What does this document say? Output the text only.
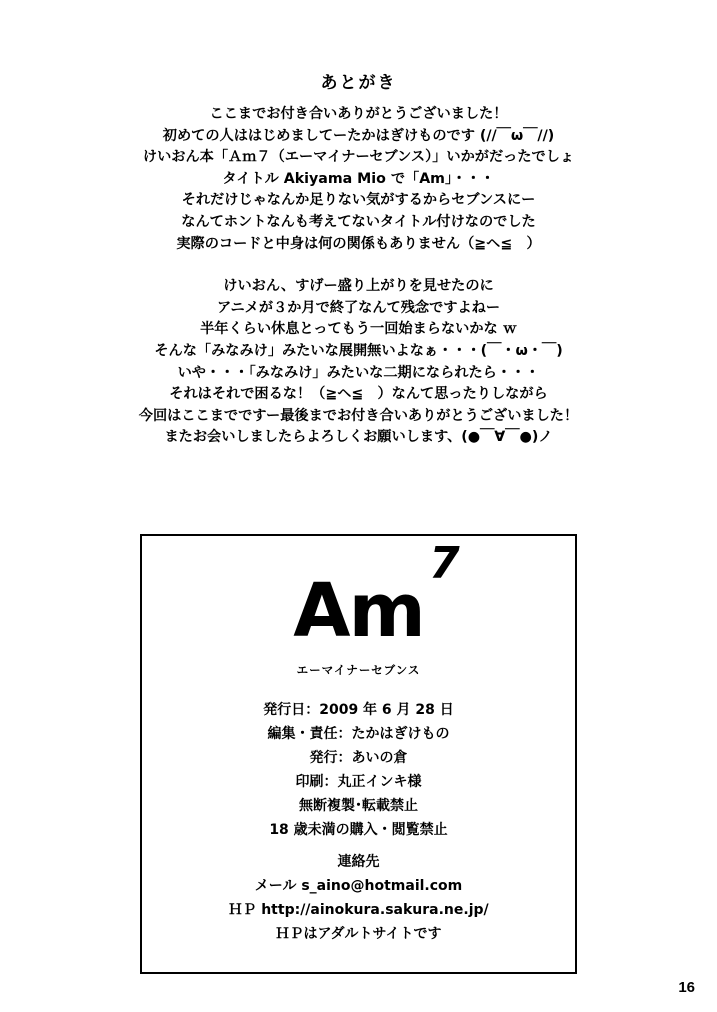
あとがき
ここまでお付き合いありがとうございました！
初めての人ははじめましてーたかはぎけものです (//￣ω￣//)
けいおん本「Ａｍ７（エーマイナーセブンス）」いかがだったでしょ
タイトル Akiyama Mio で「Am」・・・
それだけじゃなんか足りない気がするからセブンスにー
なんてホントなんも考えてないタイトル付けなのでした
実際のコードと中身は何の関係もありません（≧ヘ≦　）
けいおん、すげー盛り上がりを見せたのに
アニメが３か月で終了なんて残念ですよねー
半年くらい休息とってもう一回始まらないかな ｗ
そんな「みなみけ」みたいな展開無いよなぁ・・・(￣・ω・￣)
いや・・・「みなみけ」みたいな二期になられたら・・・
それはそれで困るな！（≧ヘ≦　）なんて思ったりしながら
今回はここまでですー最後までお付き合いありがとうございました！
またお会いしましたらよろしくお願いします、(●￣∀￣●)ノ
Am
7
エーマイナーセブンス
発行日：2009 年 6 月 28 日
編集・責任：たかはぎけもの
発行：あいの倉
印刷：丸正インキ様
無断複製･転載禁止
18 歳未満の購入・閲覧禁止
連絡先
メール s_aino@hotmail.com
ＨＰ http://ainokura.sakura.ne.jp/
ＨＰはアダルトサイトです
16
